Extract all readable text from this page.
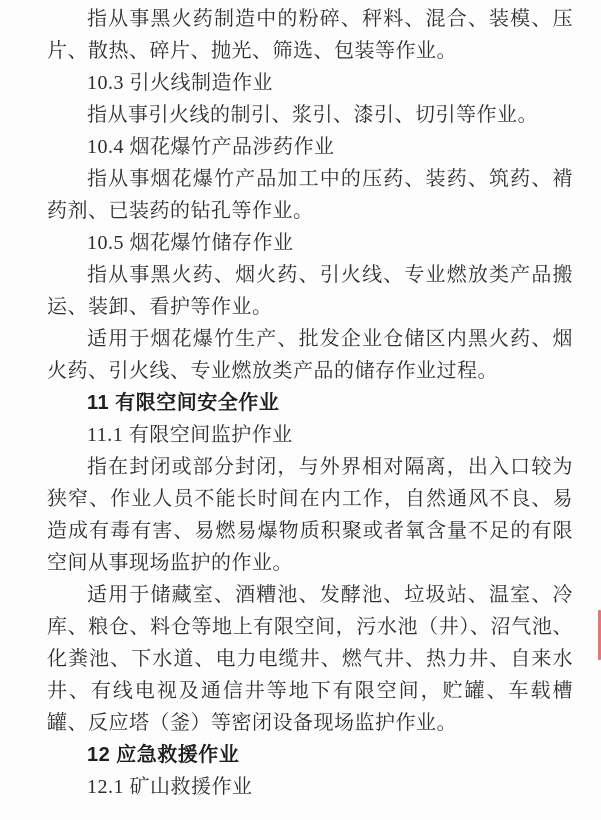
指从事黑火药制造中的粉碎、秤料、混合、装模、压片、散热、碎片、抛光、筛选、包装等作业。

10.3 引火线制造作业

指从事引火线的制引、浆引、漆引、切引等作业。

10.4 烟花爆竹产品涉药作业

指从事烟花爆竹产品加工中的压药、装药、筑药、褙药剂、已装药的钻孔等作业。

10.5 烟花爆竹储存作业

指从事黑火药、烟火药、引火线、专业燃放类产品搬运、装卸、看护等作业。

适用于烟花爆竹生产、批发企业仓储区内黑火药、烟火药、引火线、专业燃放类产品的储存作业过程。

11 有限空间安全作业

11.1 有限空间监护作业

指在封闭或部分封闭，与外界相对隔离，出入口较为狭窄、作业人员不能长时间在内工作，自然通风不良、易造成有毒有害、易燃易爆物质积聚或者氧含量不足的有限空间从事现场监护的作业。

适用于储藏室、酒糟池、发酵池、垃圾站、温室、冷库、粮仓、料仓等地上有限空间，污水池（井）、沼气池、化粪池、下水道、电力电缆井、燃气井、热力井、自来水井、有线电视及通信井等地下有限空间，贮罐、车载槽罐、反应塔（釜）等密闭设备现场监护作业。

12 应急救援作业

12.1 矿山救援作业
